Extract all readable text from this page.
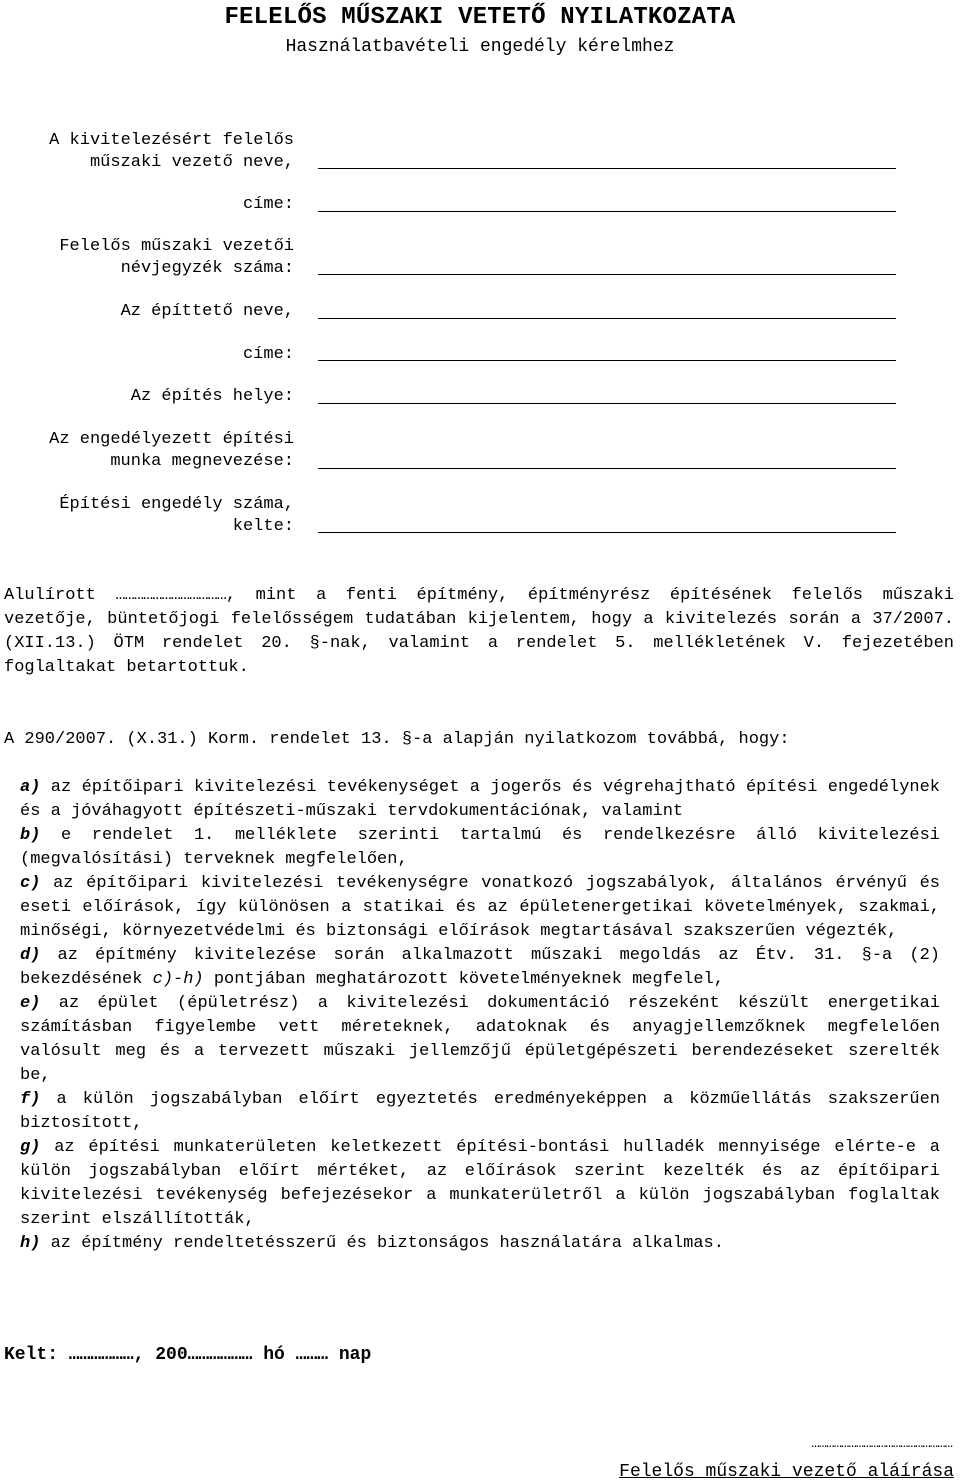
FELELŐS MŰSZAKI VETETŐ NYILATKOZATA
Használatbavételi engedély kérelmhez
A kivitelezésért felelős
műszaki vezető neve,
címe:
Felelős műszaki vezetői
névjegyzék száma:
Az építtető neve,
címe:
Az építés helye:
Az engedélyezett építési
munka megnevezése:
Építési engedély száma,
kelte:

Alulírott ………………………………, mint a fenti építmény, építményrész építésének felelős műszaki vezetője, büntetőjogi felelősségem tudatában kijelentem, hogy a kivitelezés során a 37/2007. (XII.13.) ÖTM rendelet 20. §-nak, valamint a rendelet 5. mellékletének V. fejezetében foglaltakat betartottuk.

A 290/2007. (X.31.) Korm. rendelet 13. §-a alapján nyilatkozom továbbá, hogy:

a) az építőipari kivitelezési tevékenységet a jogerős és végrehajtható építési engedélynek és a jóváhagyott építészeti-műszaki tervdokumentációnak, valamint

b) e rendelet 1. melléklete szerinti tartalmú és rendelkezésre álló kivitelezési (megvalósítási) terveknek megfelelően,

c) az építőipari kivitelezési tevékenységre vonatkozó jogszabályok, általános érvényű és eseti előírások, így különösen a statikai és az épületenergetikai követelmények, szakmai, minőségi, környezetvédelmi és biztonsági előírások megtartásával szakszerűen végezték,

d) az építmény kivitelezése során alkalmazott műszaki megoldás az Étv. 31. §-a (2) bekezdésének c)-h) pontjában meghatározott követelményeknek megfelel,

e) az épület (épületrész) a kivitelezési dokumentáció részeként készült energetikai számításban figyelembe vett méreteknek, adatoknak és anyagjellemzőknek megfelelően valósult meg és a tervezett műszaki jellemzőjű épületgépészeti berendezéseket szerelték be,

f) a külön jogszabályban előírt egyeztetés eredményeképpen a közműellátás szakszerűen biztosított,

g) az építési munkaterületen keletkezett építési-bontási hulladék mennyisége elérte-e a külön jogszabályban előírt mértéket, az előírások szerint kezelték és az építőipari kivitelezési tevékenység befejezésekor a munkaterületről a külön jogszabályban foglaltak szerint elszállították,

h) az építmény rendeltetésszerű és biztonságos használatára alkalmas.

Kelt: ………………, 200……………… hó ……… nap
…………………………………………………
Felelős műszaki vezető aláírása
